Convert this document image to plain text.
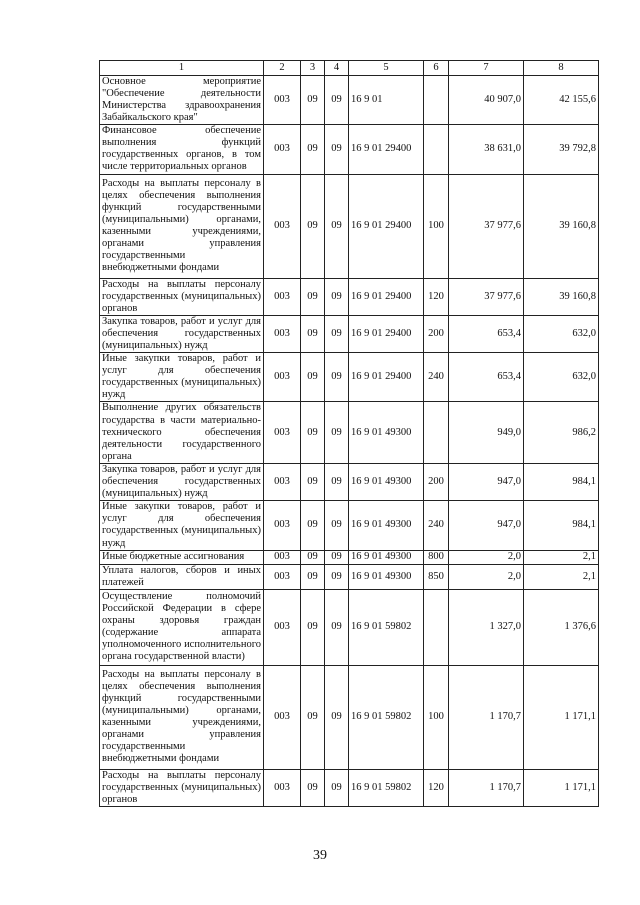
1	2	3	4	5	6	7	8
Основное мероприятие "Обеспечение деятельности Министерства здравоохранения Забайкальского края"	003	09	09	16 9 01		40 907,0	42 155,6
Финансовое обеспечение выполнения функций государственных органов, в том числе территориальных органов	003	09	09	16 9 01 29400		38 631,0	39 792,8
Расходы на выплаты персоналу в целях обеспечения выполнения функций государственными (муниципальными) органами, казенными учреждениями, органами управления государственными внебюджетными фондами	003	09	09	16 9 01 29400	100	37 977,6	39 160,8
Расходы на выплаты персоналу государственных (муниципальных) органов	003	09	09	16 9 01 29400	120	37 977,6	39 160,8
Закупка товаров, работ и услуг для обеспечения государственных (муниципальных) нужд	003	09	09	16 9 01 29400	200	653,4	632,0
Иные закупки товаров, работ и услуг для обеспечения государственных (муниципальных) нужд	003	09	09	16 9 01 29400	240	653,4	632,0
Выполнение других обязательств государства в части материально-технического обеспечения деятельности государственного органа	003	09	09	16 9 01 49300		949,0	986,2
Закупка товаров, работ и услуг для обеспечения государственных (муниципальных) нужд	003	09	09	16 9 01 49300	200	947,0	984,1
Иные закупки товаров, работ и услуг для обеспечения государственных (муниципальных) нужд	003	09	09	16 9 01 49300	240	947,0	984,1
Иные бюджетные ассигнования	003	09	09	16 9 01 49300	800	2,0	2,1
Уплата налогов, сборов и иных платежей	003	09	09	16 9 01 49300	850	2,0	2,1
Осуществление полномочий Российской Федерации в сфере охраны здоровья граждан (содержание аппарата уполномоченного исполнительного органа государственной власти)	003	09	09	16 9 01 59802		1 327,0	1 376,6
Расходы на выплаты персоналу в целях обеспечения выполнения функций государственными (муниципальными) органами, казенными учреждениями, органами управления государственными внебюджетными фондами	003	09	09	16 9 01 59802	100	1 170,7	1 171,1
Расходы на выплаты персоналу государственных (муниципальных) органов	003	09	09	16 9 01 59802	120	1 170,7	1 171,1
39
